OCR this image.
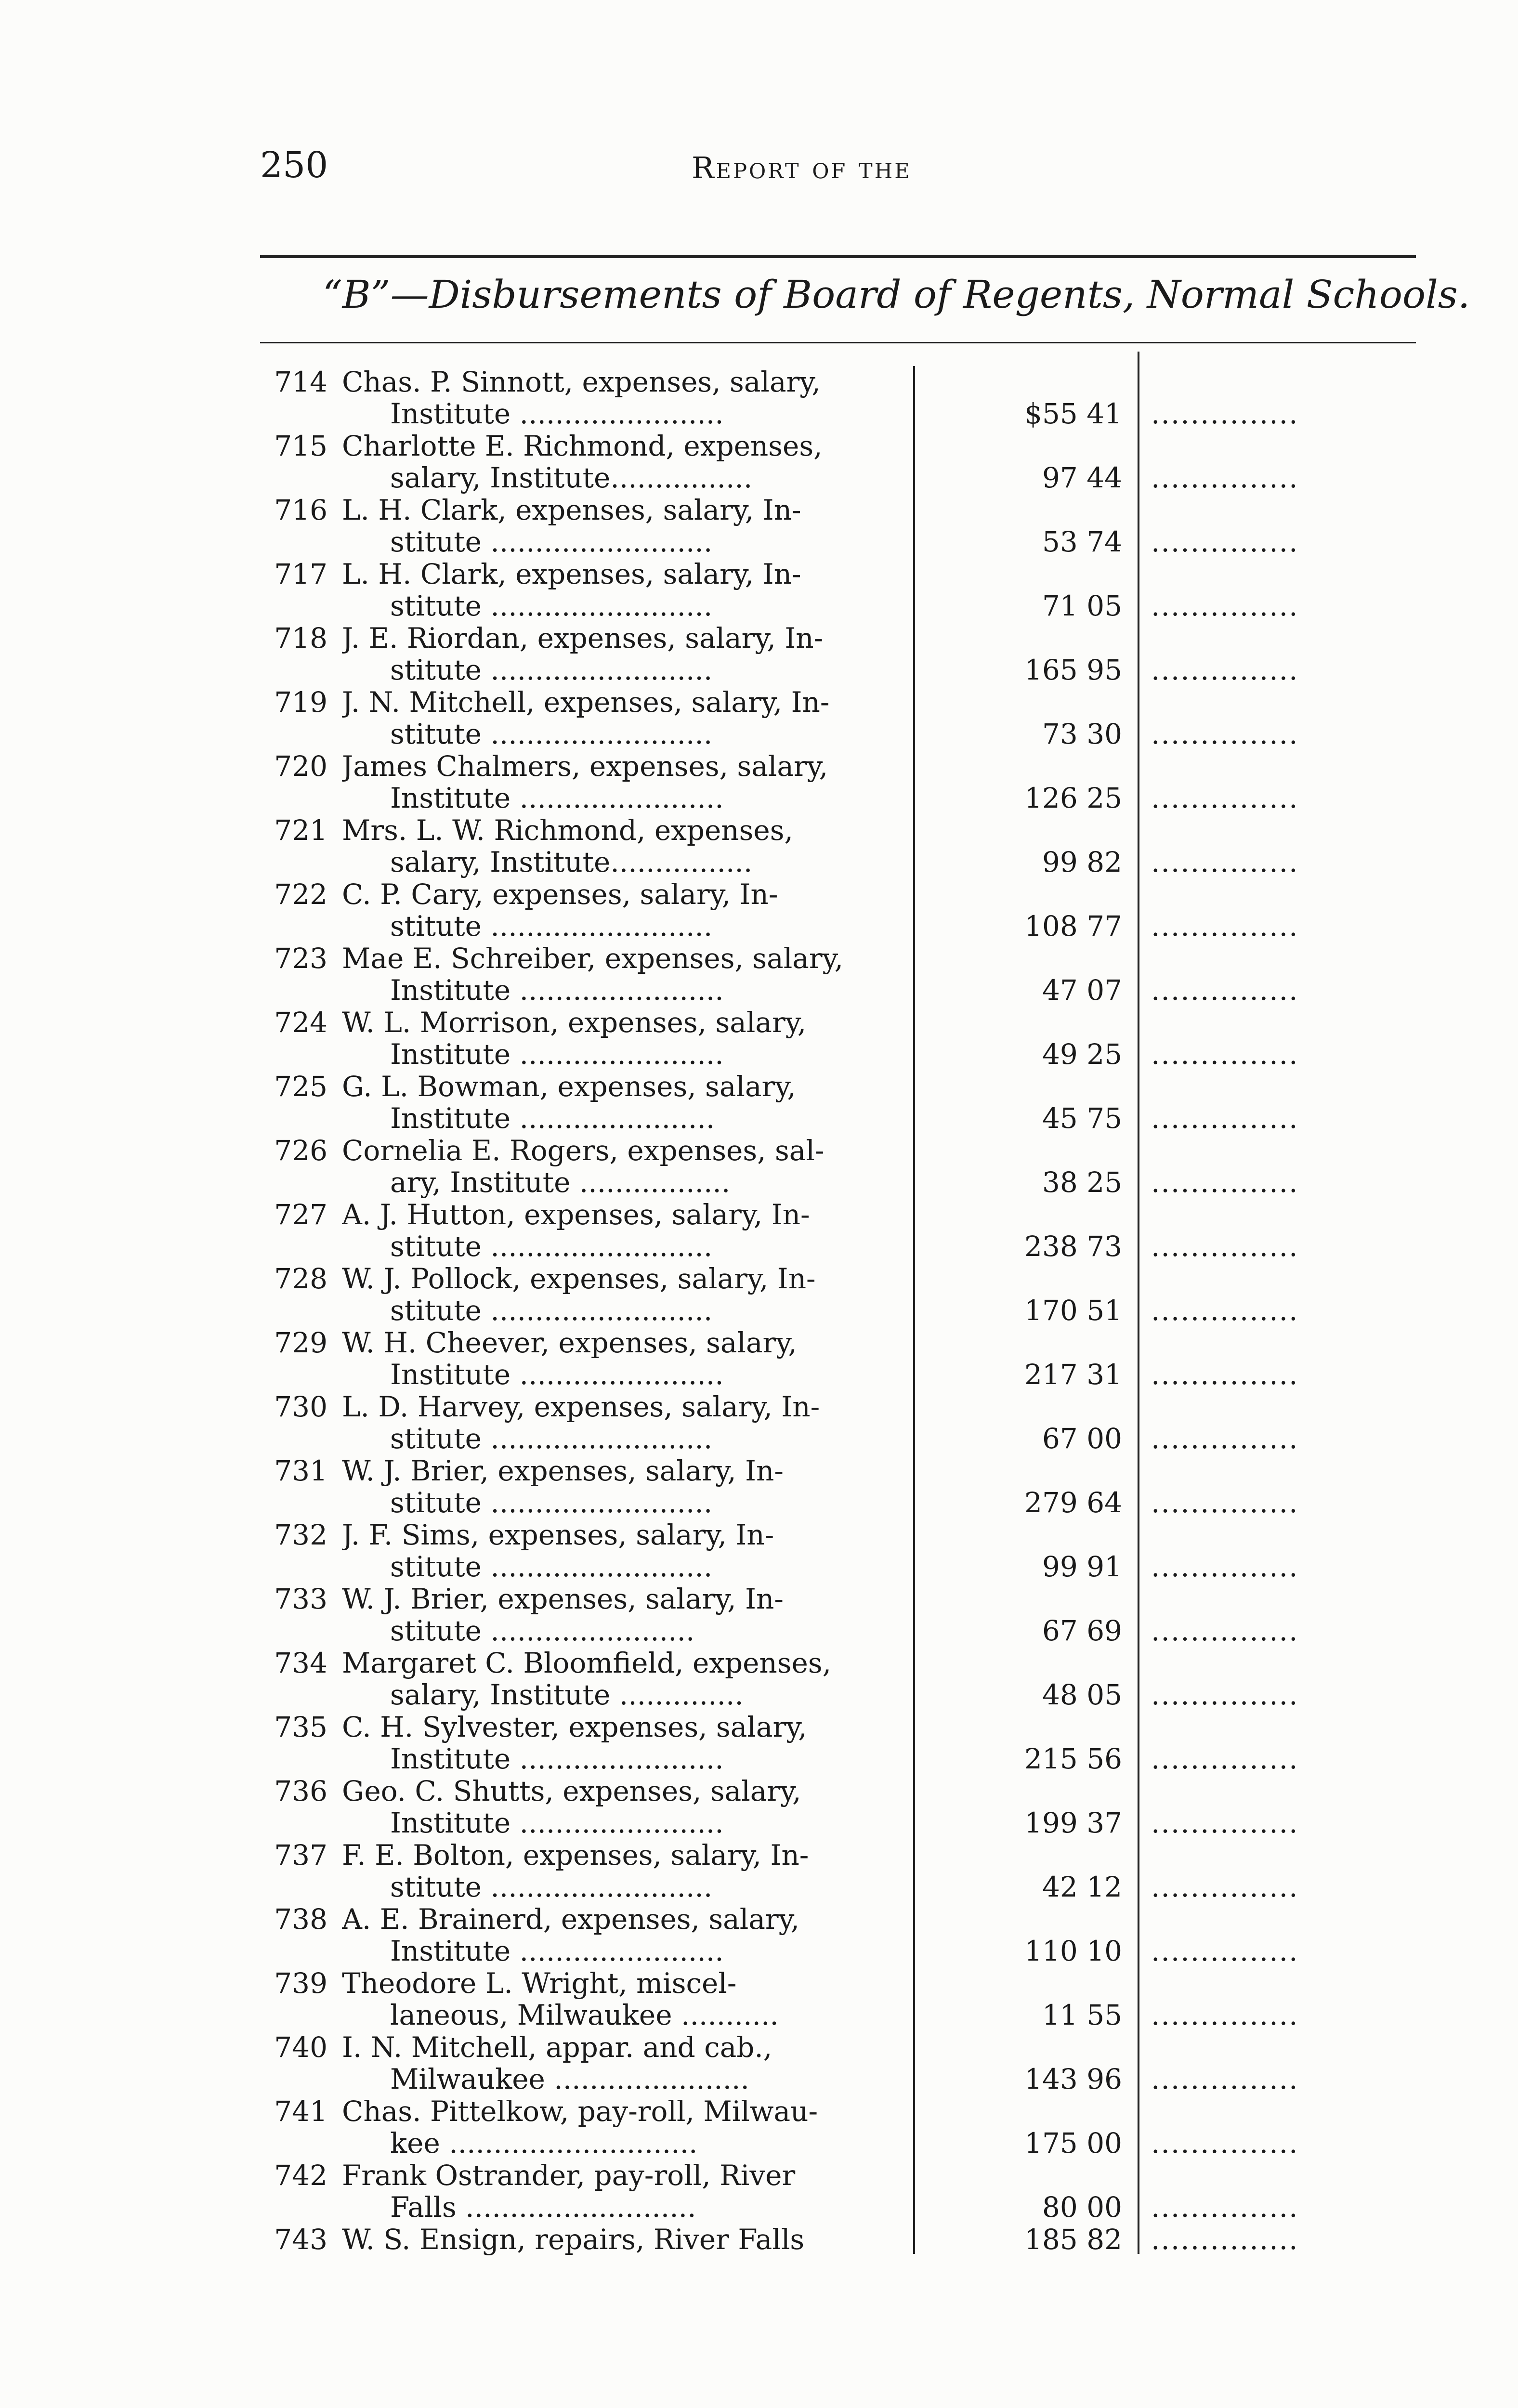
250	Report of the
“B”—Disbursements of Board of Regents, Normal Schools.
714 Chas. P. Sinnott, expenses, salary,
Institute .......................	$55 41 ...............
715 Charlotte E. Richmond, expenses,
salary, Institute................	97 44 ...............
716 L. H. Clark, expenses, salary, In-
stitute .........................	53 74 ...............
717 L. H. Clark, expenses, salary, In-
stitute .........................	71 05 ...............
718 J. E. Riordan, expenses, salary, In-
stitute .........................	165 95 ...............
719 J. N. Mitchell, expenses, salary, In-
stitute .........................	73 30 ...............
720 James Chalmers, expenses, salary,
Institute .......................	126 25 ...............
721 Mrs. L. W. Richmond, expenses,
salary, Institute................	99 82 ...............
722 C. P. Cary, expenses, salary, In-
stitute .........................	108 77 ...............
723 Mae E. Schreiber, expenses, salary,
Institute .......................	47 07 ...............
724 W. L. Morrison, expenses, salary,
Institute .......................	49 25 ...............
725 G. L. Bowman, expenses, salary,
Institute ......................	45 75 ...............
726 Cornelia E. Rogers, expenses, sal-
ary, Institute .................	38 25 ...............
727 A. J. Hutton, expenses, salary, In-
stitute .........................	238 73 ...............
728 W. J. Pollock, expenses, salary, In-
stitute .........................	170 51 ...............
729 W. H. Cheever, expenses, salary,
Institute .......................	217 31 ...............
730 L. D. Harvey, expenses, salary, In-
stitute .........................	67 00 ...............
731 W. J. Brier, expenses, salary, In-
stitute .........................	279 64 ...............
732 J. F. Sims, expenses, salary, In-
stitute .........................	99 91 ...............
733 W. J. Brier, expenses, salary, In-
stitute .......................	67 69 ...............
734 Margaret C. Bloomfield, expenses,
salary, Institute ..............	48 05 ...............
735 C. H. Sylvester, expenses, salary,
Institute .......................	215 56 ...............
736 Geo. C. Shutts, expenses, salary,
Institute .......................	199 37 ...............
737 F. E. Bolton, expenses, salary, In-
stitute .........................	42 12 ...............
738 A. E. Brainerd, expenses, salary,
Institute .......................	110 10 ...............
739 Theodore L. Wright, miscel-
laneous, Milwaukee ...........	11 55 ...............
740 I. N. Mitchell, appar. and cab.,
Milwaukee ......................	143 96 ...............
741 Chas. Pittelkow, pay-roll, Milwau-
kee ............................	175 00 ...............
742 Frank Ostrander, pay-roll, River
Falls ..........................	80 00 ...............
743 W. S. Ensign, repairs, River Falls	185 82 ...............
